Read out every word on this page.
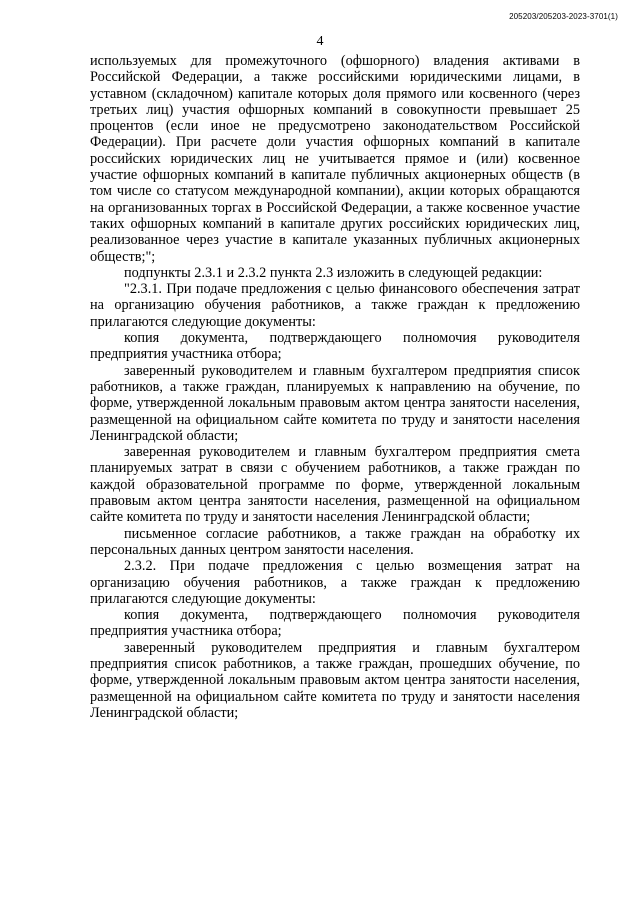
205203/205203-2023-3701(1)
4

используемых для промежуточного (офшорного) владения активами в Российской Федерации, а также российскими юридическими лицами, в уставном (складочном) капитале которых доля прямого или косвенного (через третьих лиц) участия офшорных компаний в совокупности превышает 25 процентов (если иное не предусмотрено законодательством Российской Федерации). При расчете доли участия офшорных компаний в капитале российских юридических лиц не учитывается прямое и (или) косвенное участие офшорных компаний в капитале публичных акционерных обществ (в том числе со статусом международной компании), акции которых обращаются на организованных торгах в Российской Федерации, а также косвенное участие таких офшорных компаний в капитале других российских юридических лиц, реализованное через участие в капитале указанных публичных акционерных обществ;";

подпункты 2.3.1 и 2.3.2 пункта 2.3 изложить в следующей редакции:

"2.3.1. При подаче предложения с целью финансового обеспечения затрат на организацию обучения работников, а также граждан к предложению прилагаются следующие документы:

копия документа, подтверждающего полномочия руководителя предприятия участника отбора;

заверенный руководителем и главным бухгалтером предприятия список работников, а также граждан, планируемых к направлению на обучение, по форме, утвержденной локальным правовым актом центра занятости населения, размещенной на официальном сайте комитета по труду и занятости населения Ленинградской области;

заверенная руководителем и главным бухгалтером предприятия смета планируемых затрат в связи с обучением работников, а также граждан по каждой образовательной программе по форме, утвержденной локальным правовым актом центра занятости населения, размещенной на официальном сайте комитета по труду и занятости населения Ленинградской области;

письменное согласие работников, а также граждан на обработку их персональных данных центром занятости населения.

2.3.2. При подаче предложения с целью возмещения затрат на организацию обучения работников, а также граждан к предложению прилагаются следующие документы:

копия документа, подтверждающего полномочия руководителя предприятия участника отбора;

заверенный руководителем предприятия и главным бухгалтером предприятия список работников, а также граждан, прошедших обучение, по форме, утвержденной локальным правовым актом центра занятости населения, размещенной на официальном сайте комитета по труду и занятости населения Ленинградской области;
